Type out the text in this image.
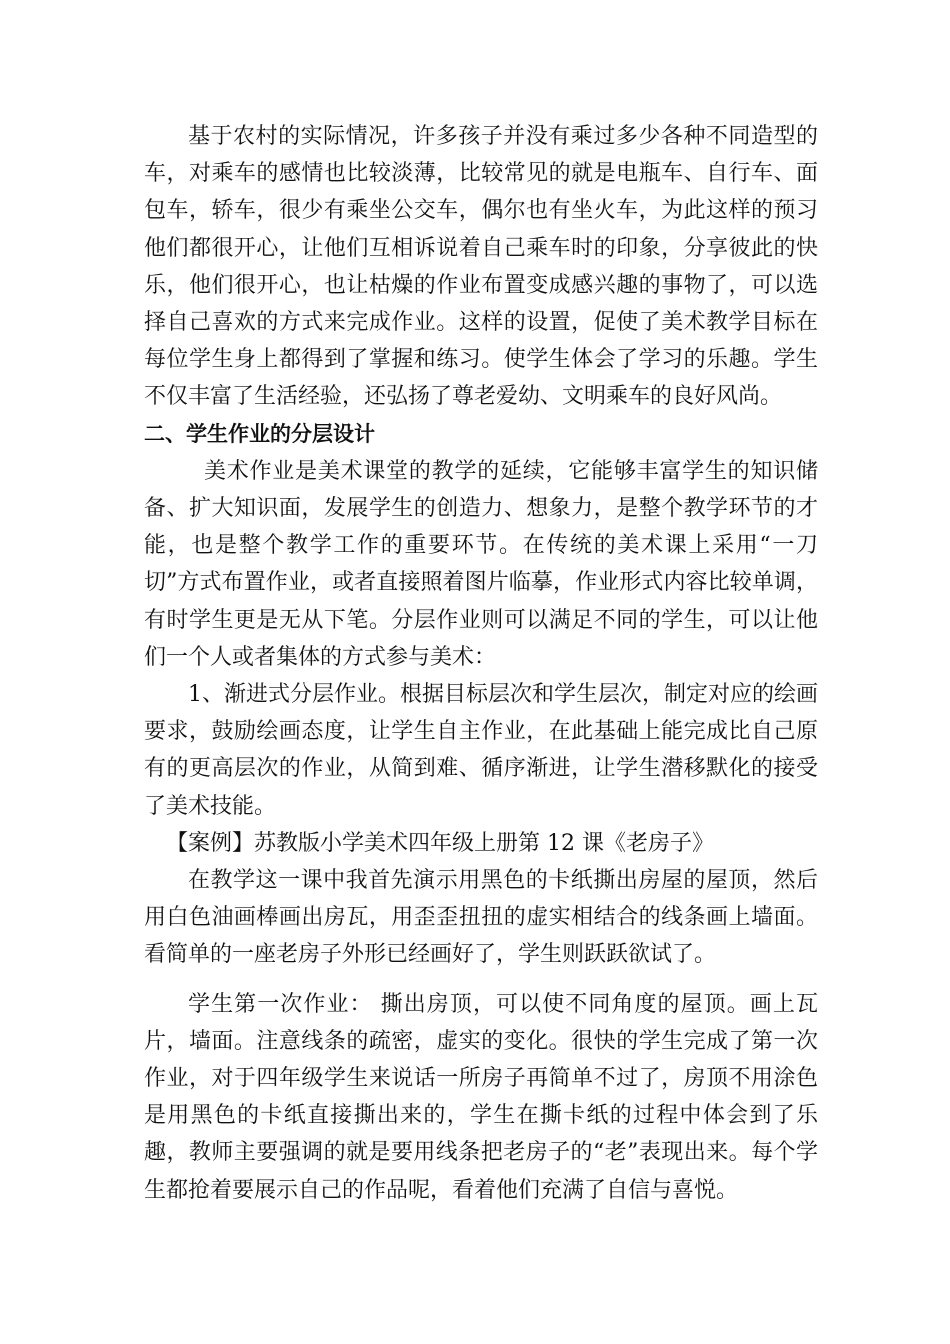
基于农村的实际情况，许多孩子并没有乘过多少各种不同造型的车，对乘车的感情也比较淡薄，比较常见的就是电瓶车、自行车、面包车，轿车，很少有乘坐公交车，偶尔也有坐火车，为此这样的预习他们都很开心，让他们互相诉说着自己乘车时的印象，分享彼此的快乐，他们很开心，也让枯燥的作业布置变成感兴趣的事物了，可以选择自己喜欢的方式来完成作业。这样的设置，促使了美术教学目标在每位学生身上都得到了掌握和练习。使学生体会了学习的乐趣。学生不仅丰富了生活经验，还弘扬了尊老爱幼、文明乘车的良好风尚。

二、学生作业的分层设计

美术作业是美术课堂的教学的延续，它能够丰富学生的知识储备、扩大知识面，发展学生的创造力、想象力，是整个教学环节的才能，也是整个教学工作的重要环节。在传统的美术课上采用“一刀切”方式布置作业，或者直接照着图片临摹，作业形式内容比较单调，有时学生更是无从下笔。分层作业则可以满足不同的学生，可以让他们一个人或者集体的方式参与美术：

1、渐进式分层作业。根据目标层次和学生层次，制定对应的绘画要求，鼓励绘画态度，让学生自主作业，在此基础上能完成比自己原有的更高层次的作业，从简到难、循序渐进，让学生潜移默化的接受了美术技能。

【案例】苏教版小学美术四年级上册第 12 课《老房子》

在教学这一课中我首先演示用黑色的卡纸撕出房屋的屋顶，然后用白色油画棒画出房瓦，用歪歪扭扭的虚实相结合的线条画上墙面。看简单的一座老房子外形已经画好了，学生则跃跃欲试了。

学生第一次作业： 撕出房顶，可以使不同角度的屋顶。画上瓦片，墙面。注意线条的疏密，虚实的变化。很快的学生完成了第一次作业，对于四年级学生来说话一所房子再简单不过了，房顶不用涂色是用黑色的卡纸直接撕出来的，学生在撕卡纸的过程中体会到了乐趣，教师主要强调的就是要用线条把老房子的“老”表现出来。每个学生都抢着要展示自己的作品呢，看着他们充满了自信与喜悦。
